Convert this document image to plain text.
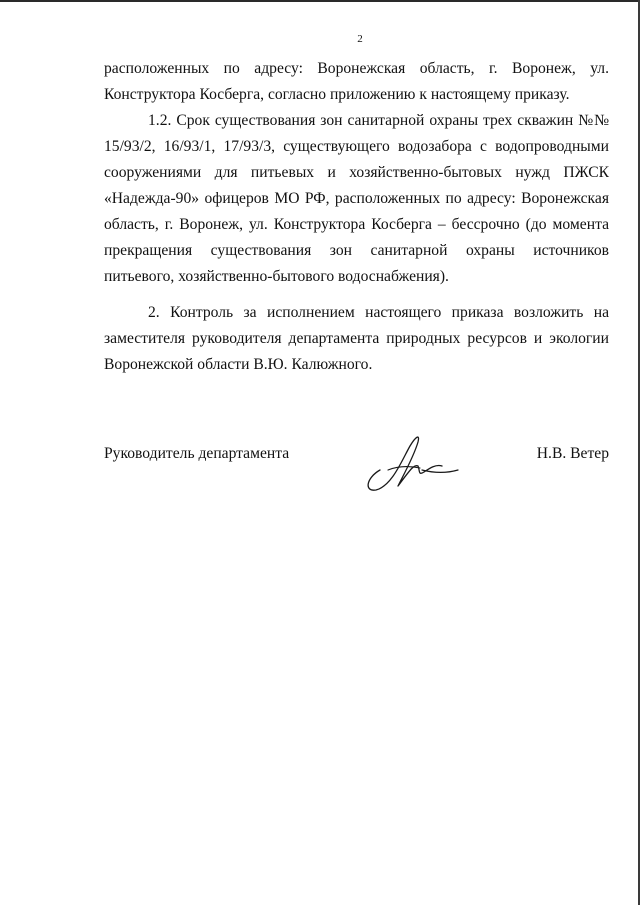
2

расположенных по адресу: Воронежская область, г. Воронеж, ул. Конструктора Косберга, согласно приложению к настоящему приказу.

1.2. Срок существования зон санитарной охраны трех скважин №№ 15/93/2, 16/93/1, 17/93/3, существующего водозабора с водопроводными сооружениями для питьевых и хозяйственно-бытовых нужд ПЖСК «Надежда-90» офицеров МО РФ, расположенных по адресу: Воронежская область, г. Воронеж, ул. Конструктора Косберга – бессрочно (до момента прекращения существования зон санитарной охраны источников питьевого, хозяйственно-бытового водоснабжения).

2. Контроль за исполнением настоящего приказа возложить на заместителя руководителя департамента природных ресурсов и экологии Воронежской области В.Ю. Калюжного.

Руководитель департамента	Н.В. Ветер
